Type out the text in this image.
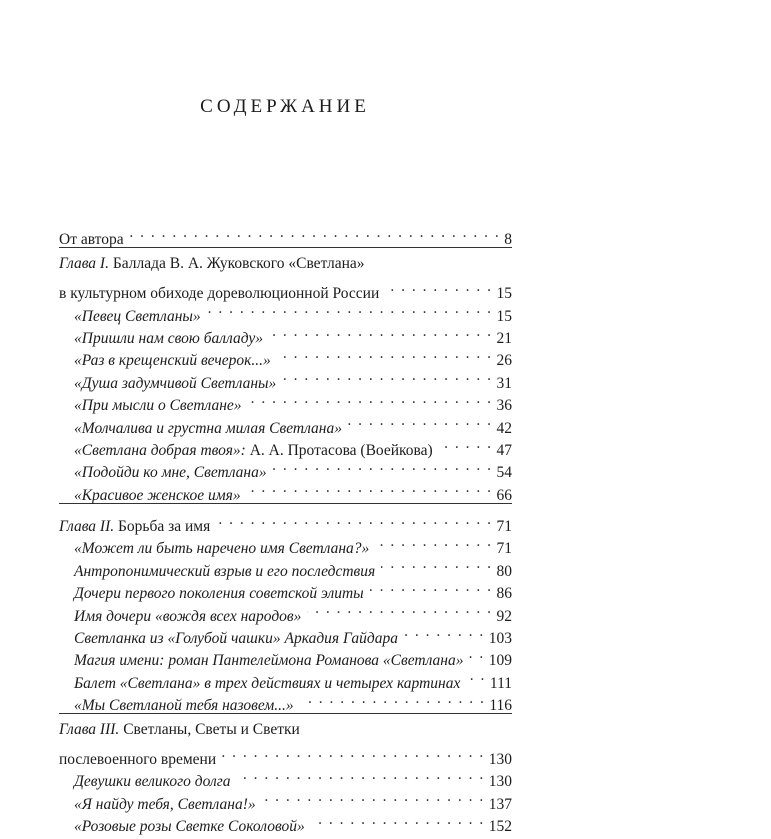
СОДЕРЖАНИЕ
От автора . . .	8
Глава I.
Баллада В. А. Жуковского «Светлана»
в культурном обиходе дореволюционной России . . .	15
«Певец Светланы» . . .	15
«Пришли нам свою балладу» . . .	21
«Раз в крещенский вечерок...» . . .	26
«Душа задумчивой Светланы» . . .	31
«При мысли о Светлане» . . .	36
«Молчалива и грустна милая Светлана» . . .	42
«Светлана добрая твоя»:
А. А. Протасова (Воейкова) . . .	47
«Подойди ко мне, Светлана» . . .	54
«Красивое женское имя» . . .	66
Глава II.
Борьба за имя . . .	71
«Может ли быть наречено имя Светлана?» . . .	71
Антропонимический взрыв и его последствия . . .	80
Дочери первого поколения советской элиты . . .	86
Имя дочери «вождя всех народов» . . .	92
Светланка из «Голубой чашки» Аркадия Гайдара . . .	103
Магия имени: роман Пантелеймона Романова «Светлана» . . . 109
Балет «Светлана» в трех действиях и четырех картинах . . . 111
«Мы Светланой тебя назовем...» . . .	116
Глава III.
Светланы, Светы и Светки
послевоенного времени . . .	130
Девушки великого долга . . .	130
«Я найду тебя, Светлана!» . . .	137
«Розовые розы Светке Соколовой» . . .	152
